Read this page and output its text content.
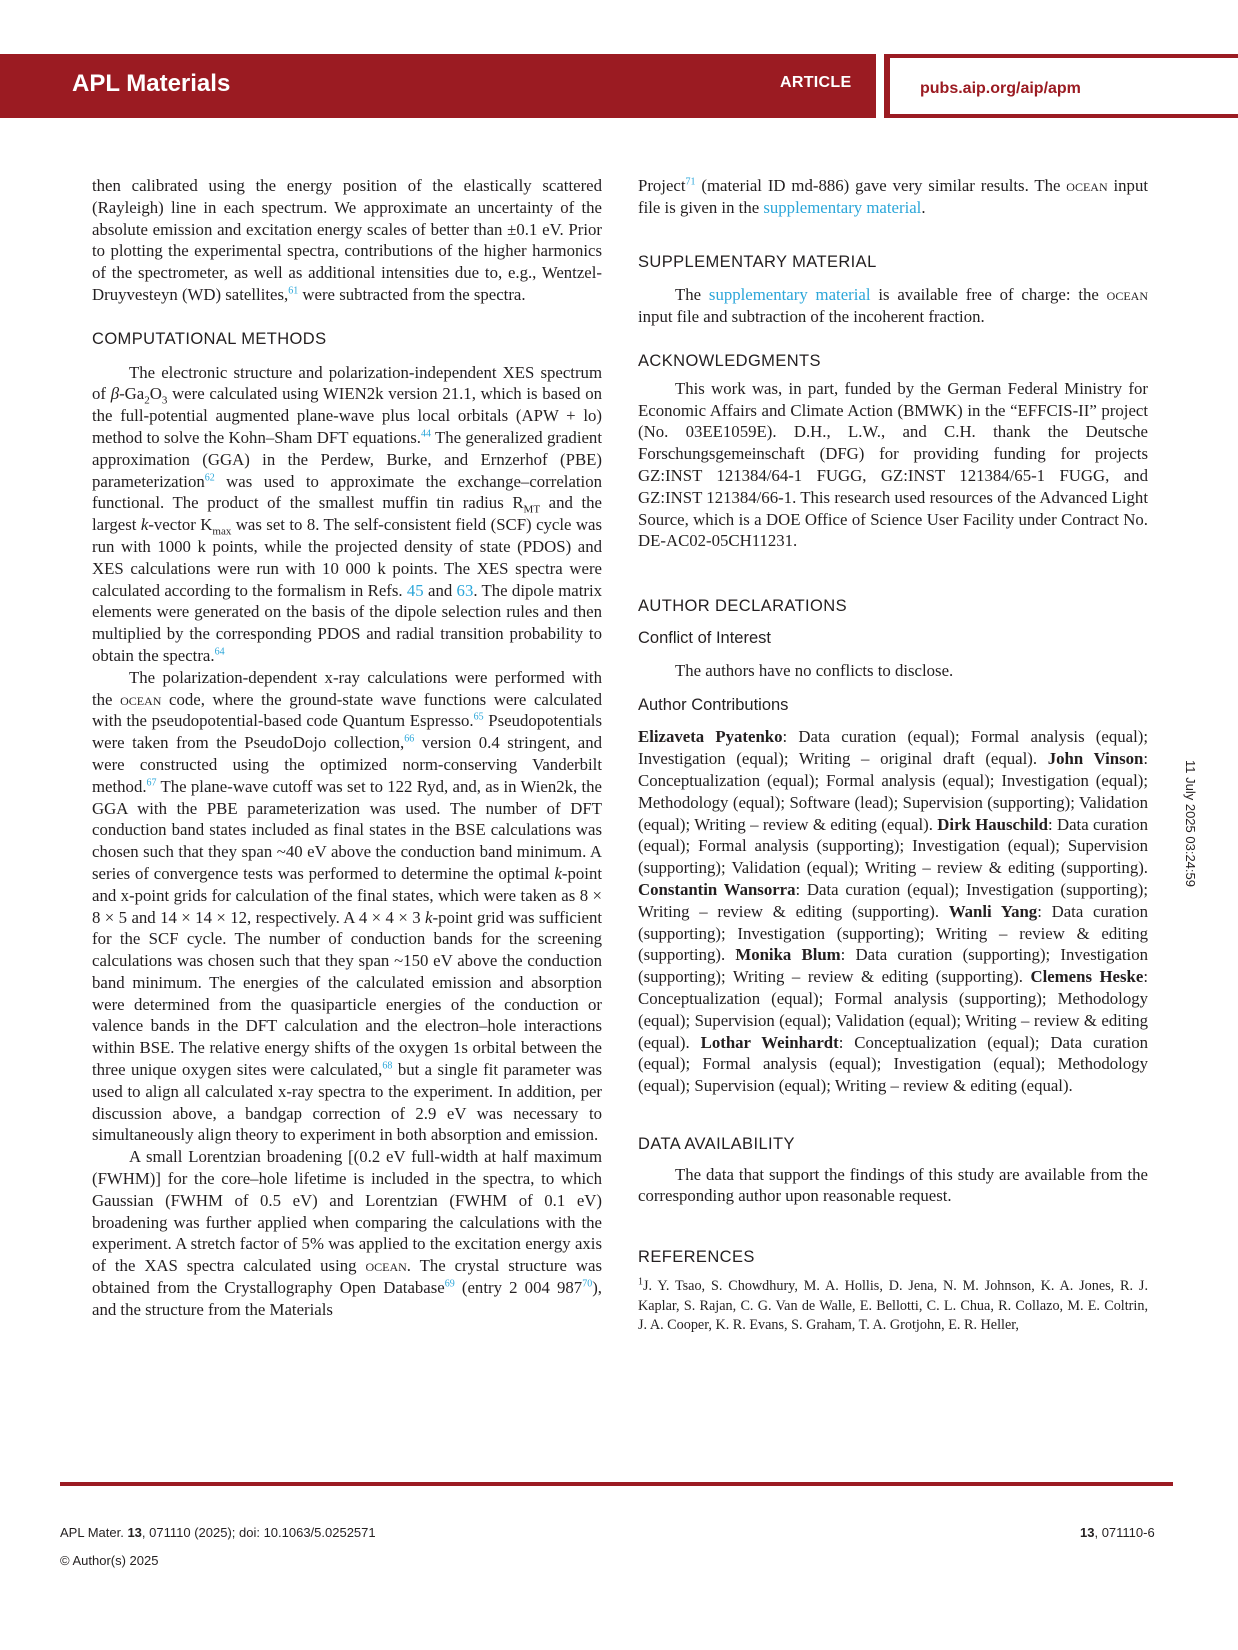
APL Materials	ARTICLE	pubs.aip.org/aip/apm

then calibrated using the energy position of the elastically scattered (Rayleigh) line in each spectrum. We approximate an uncertainty of the absolute emission and excitation energy scales of better than ±0.1 eV. Prior to plotting the experimental spectra, contributions of the higher harmonics of the spectrometer, as well as additional intensities due to, e.g., Wentzel-Druyvesteyn (WD) satellites,$^{61}$ were subtracted from the spectra.

COMPUTATIONAL METHODS

The electronic structure and polarization-independent XES spectrum of $\beta-Ga_2O_3$ were calculated using WIEN2k version 21.1, which is based on the full-potential augmented plane-wave plus local orbitals (APW + lo) method to solve the Kohn–Sham DFT equations.$^{44}$ The generalized gradient approximation (GGA) in the Perdew, Burke, and Ernzerhof (PBE) parameterization$^{62}$ was used to approximate the exchange–correlation functional. The product of the smallest muffin tin radius $R_{MT}$ and the largest k-vector $K_{max}$ was set to 8. The self-consistent field (SCF) cycle was run with 1000 k points, while the projected density of state (PDOS) and XES calculations were run with 10 000 k points. The XES spectra were calculated according to the formalism in Refs. 45 and 63. The dipole matrix elements were generated on the basis of the dipole selection rules and then multiplied by the corresponding PDOS and radial transition probability to obtain the spectra.$^{64}$

The polarization-dependent x-ray calculations were performed with the ocean code, where the ground-state wave functions were calculated with the pseudopotential-based code Quantum Espresso.$^{65}$ Pseudopotentials were taken from the PseudoDojo collection,$^{66}$ version 0.4 stringent, and were constructed using the optimized norm-conserving Vanderbilt method.$^{67}$ The plane-wave cutoff was set to 122 Ryd, and, as in Wien2k, the GGA with the PBE parameterization was used. The number of DFT conduction band states included as final states in the BSE calculations was chosen such that they span ~40 eV above the conduction band minimum. A series of convergence tests was performed to determine the optimal k-point and x-point grids for calculation of the final states, which were taken as 8 × 8 × 5 and 14 × 14 × 12, respectively. A 4 × 4 × 3 k-point grid was sufficient for the SCF cycle. The number of conduction bands for the screening calculations was chosen such that they span ~150 eV above the conduction band minimum. The energies of the calculated emission and absorption were determined from the quasiparticle energies of the conduction or valence bands in the DFT calculation and the electron–hole interactions within BSE. The relative energy shifts of the oxygen 1s orbital between the three unique oxygen sites were calculated,$^{68}$ but a single fit parameter was used to align all calculated x-ray spectra to the experiment. In addition, per discussion above, a bandgap correction of 2.9 eV was necessary to simultaneously align theory to experiment in both absorption and emission.

A small Lorentzian broadening [(0.2 eV full-width at half maximum (FWHM)] for the core–hole lifetime is included in the spectra, to which Gaussian (FWHM of 0.5 eV) and Lorentzian (FWHM of 0.1 eV) broadening was further applied when comparing the calculations with the experiment. A stretch factor of 5% was applied to the excitation energy axis of the XAS spectra calculated using ocean. The crystal structure was obtained from the Crystallography Open Database$^{69}$ (entry 2 004 $987^{70}$), and the structure from the Materials

Project$^{71}$ (material ID md-886) gave very similar results. The ocean input file is given in the supplementary material.

SUPPLEMENTARY MATERIAL

The supplementary material is available free of charge: the ocean input file and subtraction of the incoherent fraction.

ACKNOWLEDGMENTS

This work was, in part, funded by the German Federal Ministry for Economic Affairs and Climate Action (BMWK) in the “EFFCIS-II” project (No. 03EE1059E). D.H., L.W., and C.H. thank the Deutsche Forschungsgemeinschaft (DFG) for providing funding for projects GZ:INST 121384/64-1 FUGG, GZ:INST 121384/65-1 FUGG, and GZ:INST 121384/66-1. This research used resources of the Advanced Light Source, which is a DOE Office of Science User Facility under Contract No. DE-AC02-05CH11231.

AUTHOR DECLARATIONS
Conflict of Interest

The authors have no conflicts to disclose.

Author Contributions

Elizaveta Pyatenko: Data curation (equal); Formal analysis (equal); Investigation (equal); Writing – original draft (equal). John Vinson: Conceptualization (equal); Formal analysis (equal); Investigation (equal); Methodology (equal); Software (lead); Supervision (supporting); Validation (equal); Writing – review & editing (equal). Dirk Hauschild: Data curation (equal); Formal analysis (supporting); Investigation (equal); Supervision (supporting); Validation (equal); Writing – review & editing (supporting). Constantin Wansorra: Data curation (equal); Investigation (supporting); Writing – review & editing (supporting). Wanli Yang: Data curation (supporting); Investigation (supporting); Writing – review & editing (supporting). Monika Blum: Data curation (supporting); Investigation (supporting); Writing – review & editing (supporting). Clemens Heske: Conceptualization (equal); Formal analysis (supporting); Methodology (equal); Supervision (equal); Validation (equal); Writing – review & editing (equal). Lothar Weinhardt: Conceptualization (equal); Data curation (equal); Formal analysis (equal); Investigation (equal); Methodology (equal); Supervision (equal); Writing – review & editing (equal).

DATA AVAILABILITY

The data that support the findings of this study are available from the corresponding author upon reasonable request.

REFERENCES

$^1$J. Y. Tsao, S. Chowdhury, M. A. Hollis, D. Jena, N. M. Johnson, K. A. Jones, R. J. Kaplar, S. Rajan, C. G. Van de Walle, E. Bellotti, C. L. Chua, R. Collazo, M. E. Coltrin, J. A. Cooper, K. R. Evans, S. Graham, T. A. Grotjohn, E. R. Heller,

11 July 2025 03:24:59
APL Mater. 13, 071110 (2025); doi: 10.1063/5.0252571
© Author(s) 2025
13, 071110-6
